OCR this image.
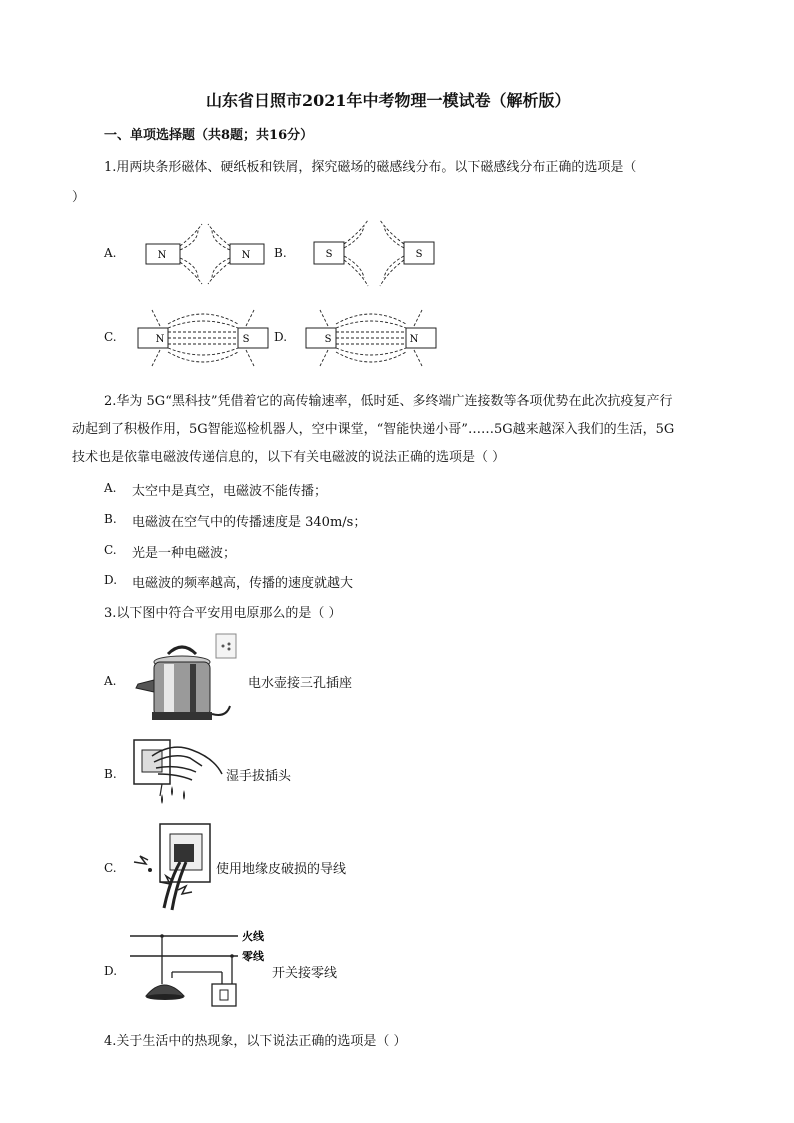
山东省日照市2021年中考物理一模试卷（解析版）
一、单项选择题（共8题；共16分）
1.用两块条形磁体、硬纸板和铁屑，探究磁场的磁感线分布。以下磁感线分布正确的选项是（
）
A.	N	N B.	S	S
C.	N	S D.	S	N
2.华为 5G“黑科技”凭借着它的高传输速率，低时延、多终端广连接数等各项优势在此次抗疫复产行
动起到了积极作用，5G智能巡检机器人，空中课堂，“智能快递小哥”……5G越来越深入我们的生活，5G
技术也是依靠电磁波传递信息的，以下有关电磁波的说法正确的选项是（ ）
A. 太空中是真空，电磁波不能传播；
B. 电磁波在空气中的传播速度是 340m/s；
C. 光是一种电磁波；
D. 电磁波的频率越高，传播的速度就越大
3.以下图中符合平安用电原那么的是（ ）
A.	电水壶接三孔插座
B.	湿手拔插头
C.	使用地缘皮破损的导线
D.
火线
零线
开关接零线
4.关于生活中的热现象，以下说法正确的选项是（ ）
